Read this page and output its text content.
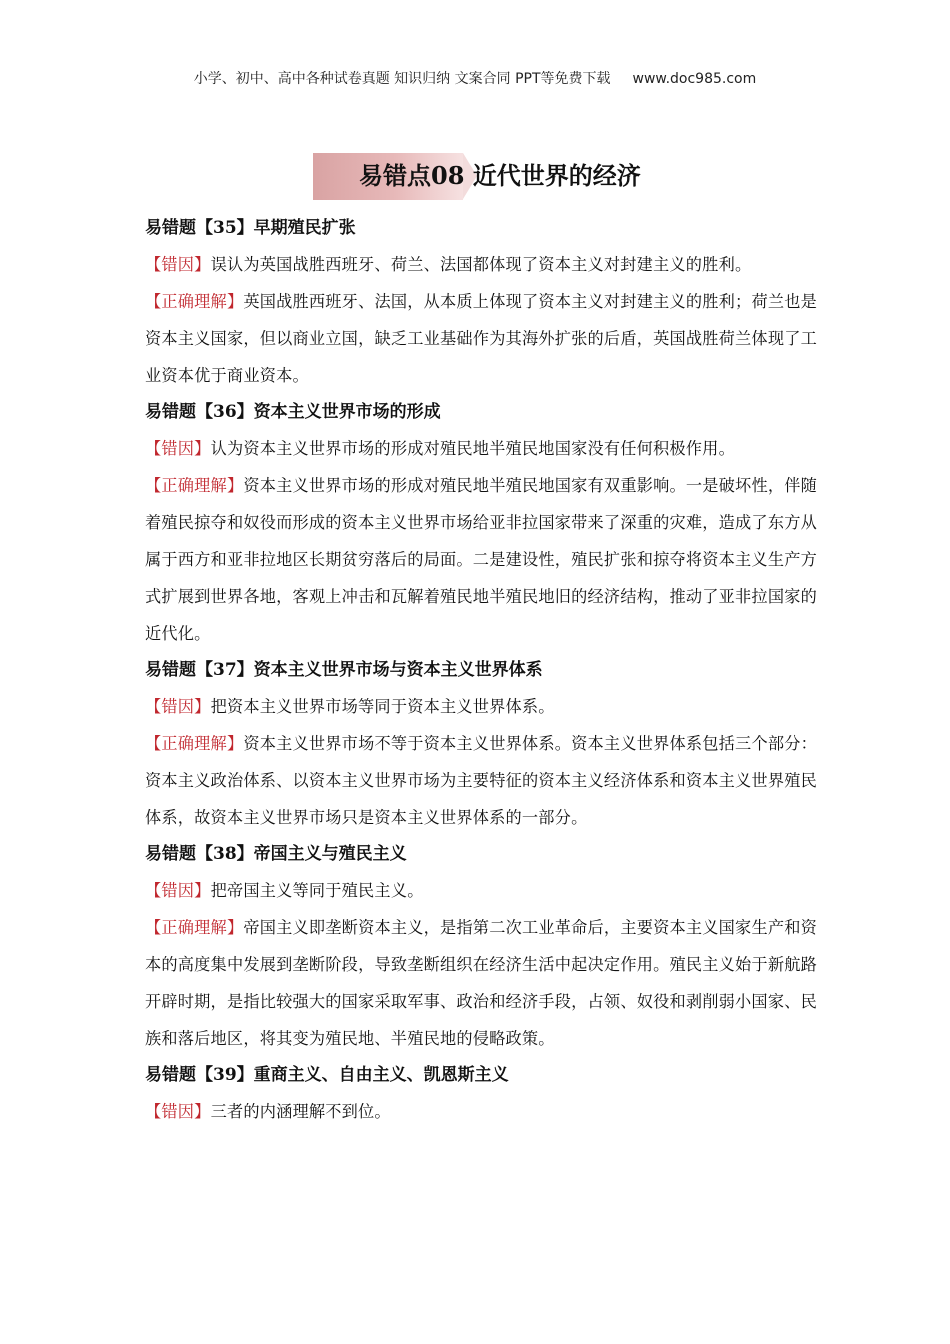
小学、初中、高中各种试卷真题 知识归纳 文案合同 PPT等免费下载 www.doc985.com
易错点08 近代世界的经济
易错题【35】早期殖民扩张
【错因】误认为英国战胜西班牙、荷兰、法国都体现了资本主义对封建主义的胜利。
【正确理解】英国战胜西班牙、法国，从本质上体现了资本主义对封建主义的胜利；荷兰也是资本主义国家，但以商业立国，缺乏工业基础作为其海外扩张的后盾，英国战胜荷兰体现了工业资本优于商业资本。
易错题【36】资本主义世界市场的形成
【错因】认为资本主义世界市场的形成对殖民地半殖民地国家没有任何积极作用。
【正确理解】资本主义世界市场的形成对殖民地半殖民地国家有双重影响。一是破坏性，伴随着殖民掠夺和奴役而形成的资本主义世界市场给亚非拉国家带来了深重的灾难，造成了东方从属于西方和亚非拉地区长期贫穷落后的局面。二是建设性，殖民扩张和掠夺将资本主义生产方式扩展到世界各地，客观上冲击和瓦解着殖民地半殖民地旧的经济结构，推动了亚非拉国家的近代化。
易错题【37】资本主义世界市场与资本主义世界体系
【错因】把资本主义世界市场等同于资本主义世界体系。
【正确理解】资本主义世界市场不等于资本主义世界体系。资本主义世界体系包括三个部分：资本主义政治体系、以资本主义世界市场为主要特征的资本主义经济体系和资本主义世界殖民体系，故资本主义世界市场只是资本主义世界体系的一部分。
易错题【38】帝国主义与殖民主义
【错因】把帝国主义等同于殖民主义。
【正确理解】帝国主义即垄断资本主义，是指第二次工业革命后，主要资本主义国家生产和资本的高度集中发展到垄断阶段，导致垄断组织在经济生活中起决定作用。殖民主义始于新航路开辟时期，是指比较强大的国家采取军事、政治和经济手段，占领、奴役和剥削弱小国家、民族和落后地区，将其变为殖民地、半殖民地的侵略政策。
易错题【39】重商主义、自由主义、凯恩斯主义
【错因】三者的内涵理解不到位。
